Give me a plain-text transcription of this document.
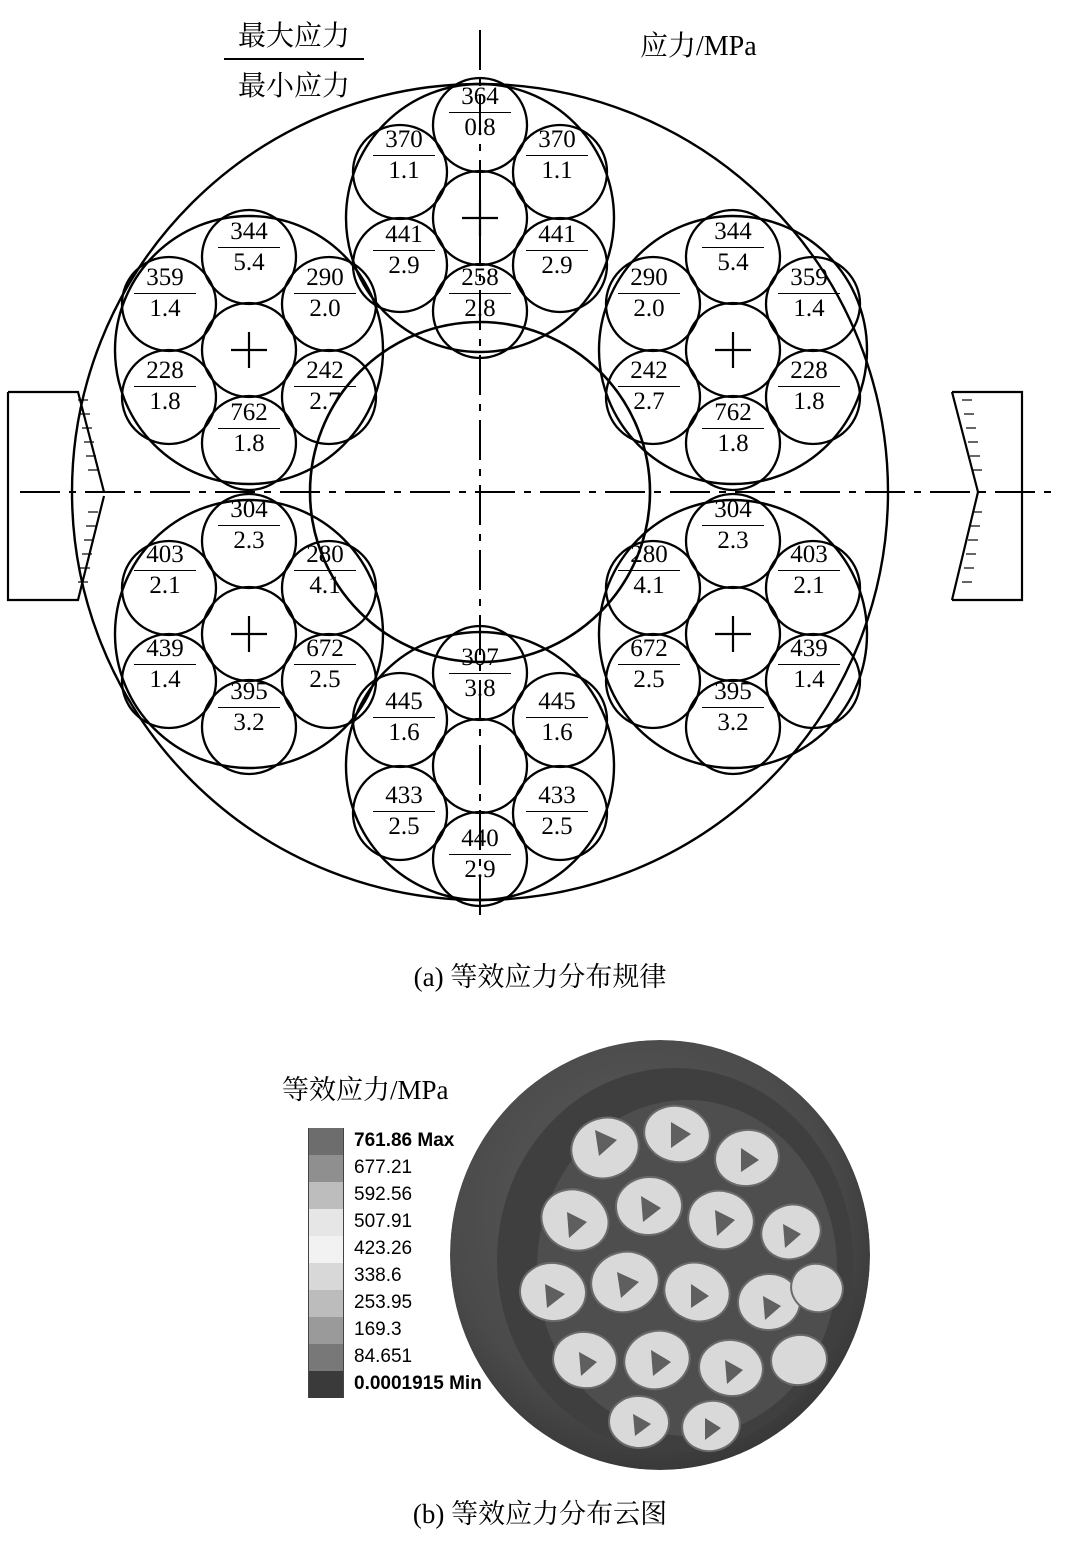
最大应力
最小应力
应力/MPa
364
0.8
370
1.1
370
1.1
441
2.9
441
2.9
258
2.8
344
5.4
359
1.4
290
2.0
228
1.8
242
2.7
762
1.8
344
5.4
290
2.0
359
1.4
242
2.7
228
1.8
762
1.8
304
2.3
403
2.1
280
4.1
439
1.4
672
2.5
395
3.2
304
2.3
280
4.1
403
2.1
672
2.5
439
1.4
395
3.2
307
3.8
445
1.6
445
1.6
433
2.5
433
2.5
440
2.9
(a) 等效应力分布规律
等效应力/MPa
761.86 Max
677.21
592.56
507.91
423.26
338.6
253.95
169.3
84.651
0.0001915 Min
(b) 等效应力分布云图
